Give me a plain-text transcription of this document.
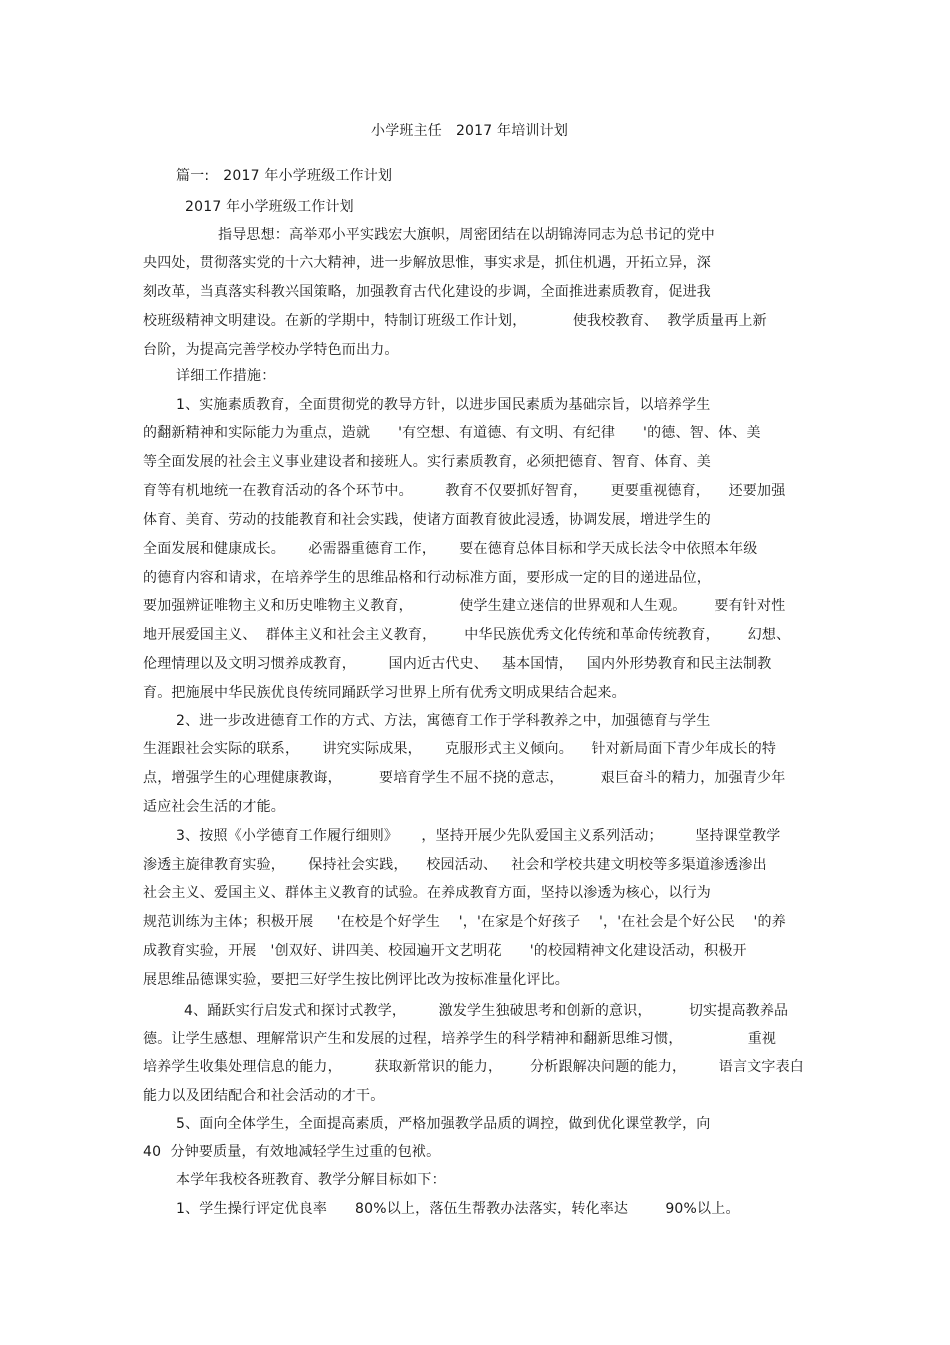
小学班主任   2017 年培训计划
篇一:   2017 年小学班级工作计划
2017 年小学班级工作计划
指导思想：高举邓小平实践宏大旗帜，周密团结在以胡锦涛同志为总书记的党中
央四处，贯彻落实党的十六大精神，进一步解放思惟，事实求是，抓住机遇，开拓立异，深
刻改革，当真落实科教兴国策略，加强教育古代化建设的步调，全面推进素质教育，促进我
校班级精神文明建设。在新的学期中，特制订班级工作计划，          使我校教育、  教学质量再上新
台阶，为提高完善学校办学特色而出力。
详细工作措施：
1、实施素质教育，全面贯彻党的教导方针，以进步国民素质为基础宗旨，以培养学生
的翻新精神和实际能力为重点，造就      '有空想、有道德、有文明、有纪律      '的德、智、体、美
等全面发展的社会主义事业建设者和接班人。实行素质教育，必须把德育、智育、体育、美
育等有机地统一在教育活动的各个环节中。       教育不仅要抓好智育，     更要重视德育，    还要加强
体育、美育、劳动的技能教育和社会实践，使诸方面教育彼此浸透，协调发展，增进学生的
全面发展和健康成长。     必需器重德育工作，     要在德育总体目标和学天成长法令中依照本年级
的德育内容和请求，在培养学生的思维品格和行动标准方面，要形成一定的目的递进品位，
要加强辨证唯物主义和历史唯物主义教育，          使学生建立迷信的世界观和人生观。      要有针对性
地开展爱国主义、  群体主义和社会主义教育，      中华民族优秀文化传统和革命传统教育，      幻想、
伦理情理以及文明习惯养成教育，       国内近古代史、   基本国情，   国内外形势教育和民主法制教
育。把施展中华民族优良传统同踊跃学习世界上所有优秀文明成果结合起来。
2、进一步改进德育工作的方式、方法，寓德育工作于学科教养之中，加强德育与学生
生涯跟社会实际的联系，     讲究实际成果，     克服形式主义倾向。    针对新局面下青少年成长的特
点，增强学生的心理健康教诲，        要培育学生不屈不挠的意志，        艰巨奋斗的精力，加强青少年
适应社会生活的才能。
3、按照《小学德育工作履行细则》     ，坚持开展少先队爱国主义系列活动；       坚持课堂教学
渗透主旋律教育实验，     保持社会实践，    校园活动、   社会和学校共建文明校等多渠道渗透渗出
社会主义、爱国主义、群体主义教育的试验。在养成教育方面，坚持以渗透为核心，以行为
规范训练为主体；积极开展     '在校是个好学生    '，'在家是个好孩子    '，'在社会是个好公民    '的养
成教育实验，开展   '创双好、讲四美、校园遍开文艺明花      '的校园精神文化建设活动，积极开
展思维品德课实验，要把三好学生按比例评比改为按标准量化评比。
4、踊跃实行启发式和探讨式教学，       激发学生独破思考和创新的意识，        切实提高教养品
德。让学生感想、理解常识产生和发展的过程，培养学生的科学精神和翻新思维习惯，              重视
培养学生收集处理信息的能力，       获取新常识的能力，      分析跟解决问题的能力，       语言文字表白
能力以及团结配合和社会活动的才干。
5、面向全体学生，全面提高素质，严格加强教学品质的调控，做到优化课堂教学，向
40  分钟要质量，有效地减轻学生过重的包袱。
本学年我校各班教育、教学分解目标如下：
1、学生操行评定优良率      80%以上，落伍生帮教办法落实，转化率达        90%以上。
